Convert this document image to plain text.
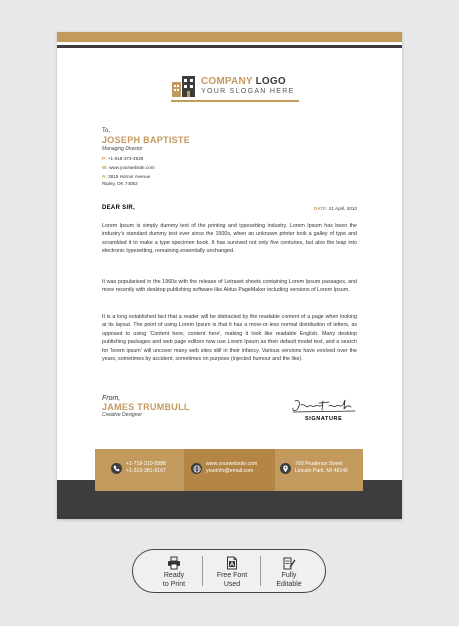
COMPANY LOGO
YOUR SLOGAN HERE
To,
JOSEPH BAPTISTE
Managing Director
P: +1-918-372-4938
W: www.yourwebsite.com
A: 3815 Hornor Avenue
Ripley, OK 74062
DEAR SIR,	DATE: 21 April, 2010

Lorem Ipsum is simply dummy text of the printing and typesetting industry. Lorem Ipsum has been the industry's standard dummy text ever since the 1500s, when an unknown printer took a galley of type and scrambled it to make a type specimen book. It has survived not only five centuries, but also the leap into electronic typesetting, remaining essentially unchanged.

It was popularised in the 1960s with the release of Letraset sheets containing Lorem Ipsum passages, and more recently with desktop publishing software like Aldus PageMaker including versions of Lorem Ipsum.

It is a long established fact that a reader will be distracted by the readable content of a page when looking at its layout. The point of using Lorem Ipsum is that it has a more-or-less normal distribution of letters, as opposed to using 'Content here, content here', making it look like readable English. Many desktop publishing packages and web page editors now use Lorem Ipsum as their default model text, and a search for 'lorem ipsum' will uncover many web sites still in their infancy. Various versions have evolved over the years, sometimes by accident, sometimes on purpose (injected humour and the like).

From,
JAMES TRUMBULL
Creative Designer
SIGNATURE
+1-718-310-5588
+1-313-381-6167
www.yourwebsite.com
yourinfo@email.com
769 Prudence Street
Lincoln Park, MI 48146
Ready
to Print
Free Font
Used
Fully
Editable
